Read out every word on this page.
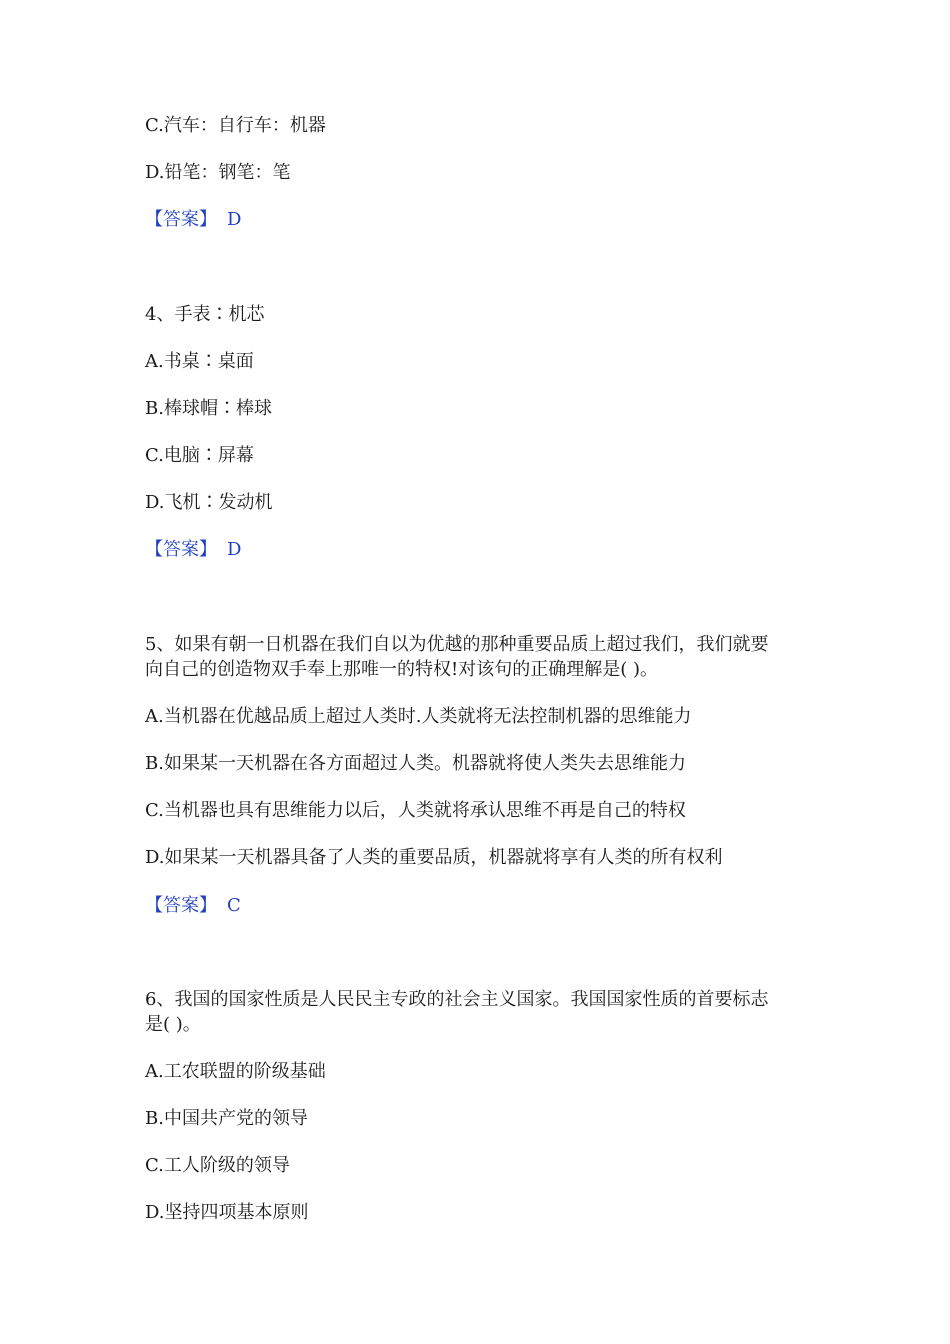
C.汽车：自行车：机器
D.铅笔：钢笔：笔
【答案】 D
4、手表∶机芯
A.书桌∶桌面
B.棒球帽∶棒球
C.电脑∶屏幕
D.飞机∶发动机
【答案】 D
5、如果有朝一日机器在我们自以为优越的那种重要品质上超过我们，我们就要
向自己的创造物双手奉上那唯一的特权!对该句的正确理解是( )。
A.当机器在优越品质上超过人类时.人类就将无法控制机器的思维能力
B.如果某一天机器在各方面超过人类。机器就将使人类失去思维能力
C.当机器也具有思维能力以后，人类就将承认思维不再是自己的特权
D.如果某一天机器具备了人类的重要品质，机器就将享有人类的所有权利
【答案】 C
6、我国的国家性质是人民民主专政的社会主义国家。我国国家性质的首要标志
是( )。
A.工农联盟的阶级基础
B.中国共产党的领导
C.工人阶级的领导
D.坚持四项基本原则
